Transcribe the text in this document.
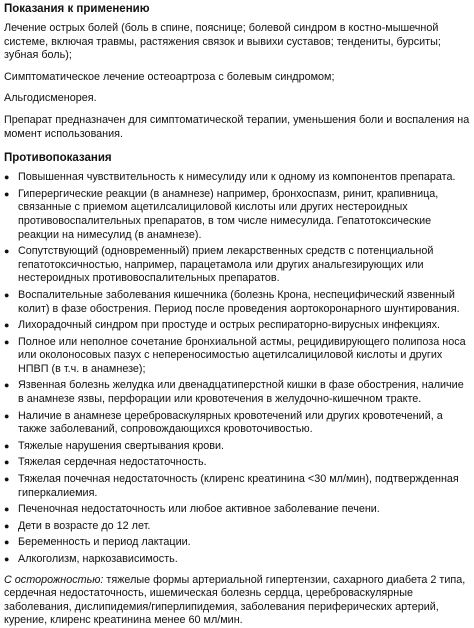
Показания к применению

Лечение острых болей (боль в спине, пояснице; болевой синдром в костно-мышечной системе, включая травмы, растяжения связок и вывихи суставов; тендениты, бурситы; зубная боль);

Симптоматическое лечение остеоартроза с болевым синдромом;

Альгодисменорея.

Препарат предназначен для симптоматической терапии, уменьшения боли и воспаления на момент использования.

Противопоказания
● Повышенная чувствительность к нимесулиду или к одному из компонентов препарата.
● Гиперергические реакции (в анамнезе) например, бронхоспазм, ринит, крапивница, связанные с приемом ацетилсалициловой кислоты или других нестероидных противовоспалительных препаратов, в том числе нимесулида. Гепатотоксические реакции на нимесулид (в анамнезе).
● Сопутствующий (одновременный) прием лекарственных средств с потенциальной гепатотоксичностью, например, парацетамола или других анальгезирующих или нестероидных противовоспалительных препаратов.
● Воспалительные заболевания кишечника (болезнь Крона, неспецифический язвенный колит) в фазе обострения. Период после проведения аортокоронарного шунтирования.
● Лихорадочный синдром при простуде и острых респираторно-вирусных инфекциях.
● Полное или неполное сочетание бронхиальной астмы, рецидивирующего полипоза носа или околоносовых пазух с непереносимостью ацетилсалициловой кислоты и других НПВП (в т.ч. в анамнезе);
● Язвенная болезнь желудка или двенадцатиперстной кишки в фазе обострения, наличие в анамнезе язвы, перфорации или кровотечения в желудочно-кишечном тракте.
● Наличие в анамнезе цереброваскулярных кровотечений или других кровотечений, а также заболеваний, сопровождающихся кровоточивостью.
● Тяжелые нарушения свертывания крови.
● Тяжелая сердечная недостаточность.
● Тяжелая почечная недостаточность (клиренс креатинина <30 мл/мин), подтвержденная гиперкалиемия.
● Печеночная недостаточность или любое активное заболевание печени.
● Дети в возрасте до 12 лет.
● Беременность и период лактации.
● Алкоголизм, наркозависимость.

С осторожностью: тяжелые формы артериальной гипертензии, сахарного диабета 2 типа, сердечная недостаточность, ишемическая болезнь сердца, цереброваскулярные заболевания, дислипидемия/гиперлипидемия, заболевания периферических артерий, курение, клиренс креатинина менее 60 мл/мин.
